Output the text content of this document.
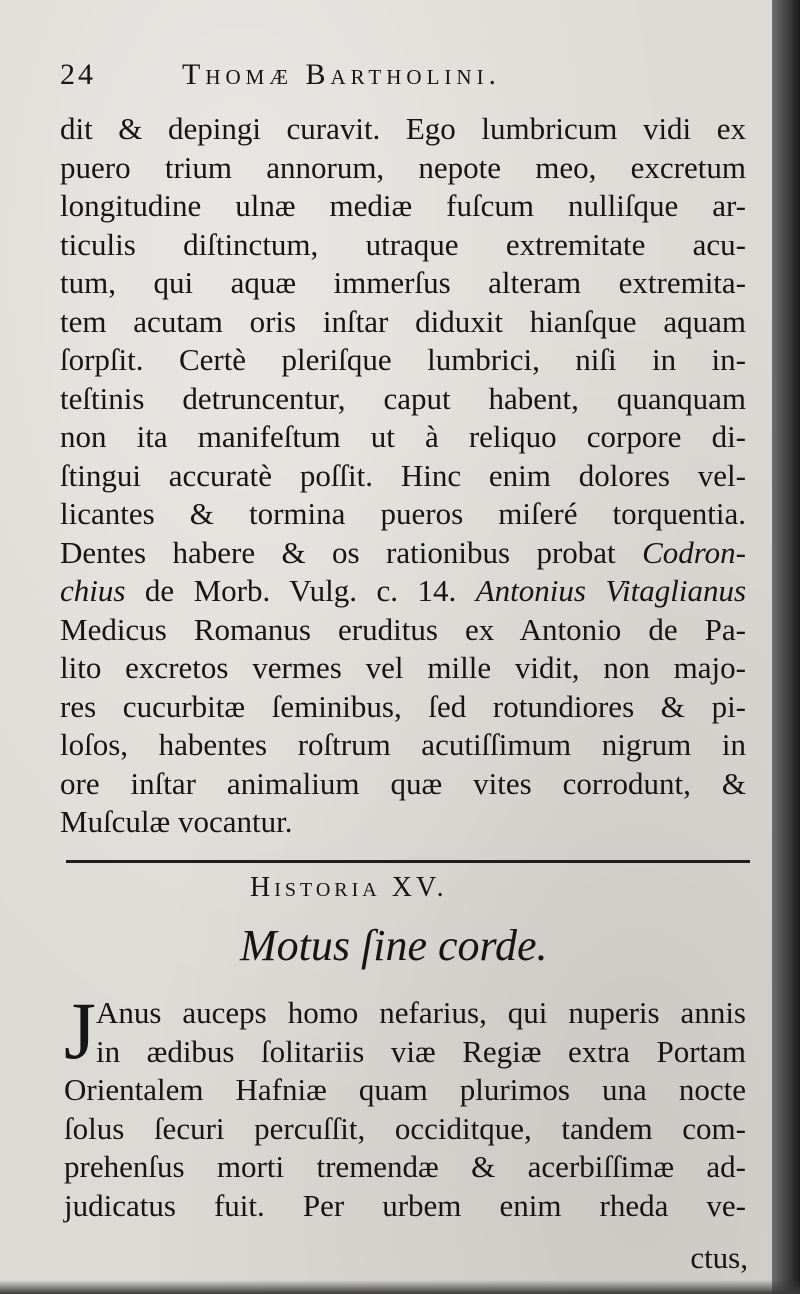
24	Thomæ Bartholini.
dit & depingi curavit. Ego lumbricum vidi ex
puero trium annorum, nepote meo, excretum
longitudine ulnæ mediæ fuſcum nulliſque ar-
ticulis diſtinctum, utraque extremitate acu-
tum, qui aquæ immerſus alteram extremita-
tem acutam oris inſtar diduxit hianſque aquam
ſorpſit. Certè pleriſque lumbrici, niſi in in-
teſtinis detruncentur, caput habent, quanquam
non ita manifeſtum ut à reliquo corpore di-
ſtingui accuratè poſſit. Hinc enim dolores vel-
licantes & tormina pueros miſeré torquentia.
Dentes habere & os rationibus probat Codron-
chius de Morb. Vulg. c. 14. Antonius Vitaglianus
Medicus Romanus eruditus ex Antonio de Pa-
lito excretos vermes vel mille vidit, non majo-
res cucurbitæ ſeminibus, ſed rotundiores & pi-
loſos, habentes roſtrum acutiſſimum nigrum in
ore inſtar animalium quæ vites corrodunt, &
Muſculæ vocantur.
Historia XV.
Motus ſine corde.
J Anus auceps homo nefarius, qui nuperis annis
in ædibus ſolitariis viæ Regiæ extra Portam
Orientalem Hafniæ quam plurimos una nocte
ſolus ſecuri percuſſit, occiditque, tandem com-
prehenſus morti tremendæ & acerbiſſimæ ad-
judicatus fuit. Per urbem enim rheda ve-
ctus,
